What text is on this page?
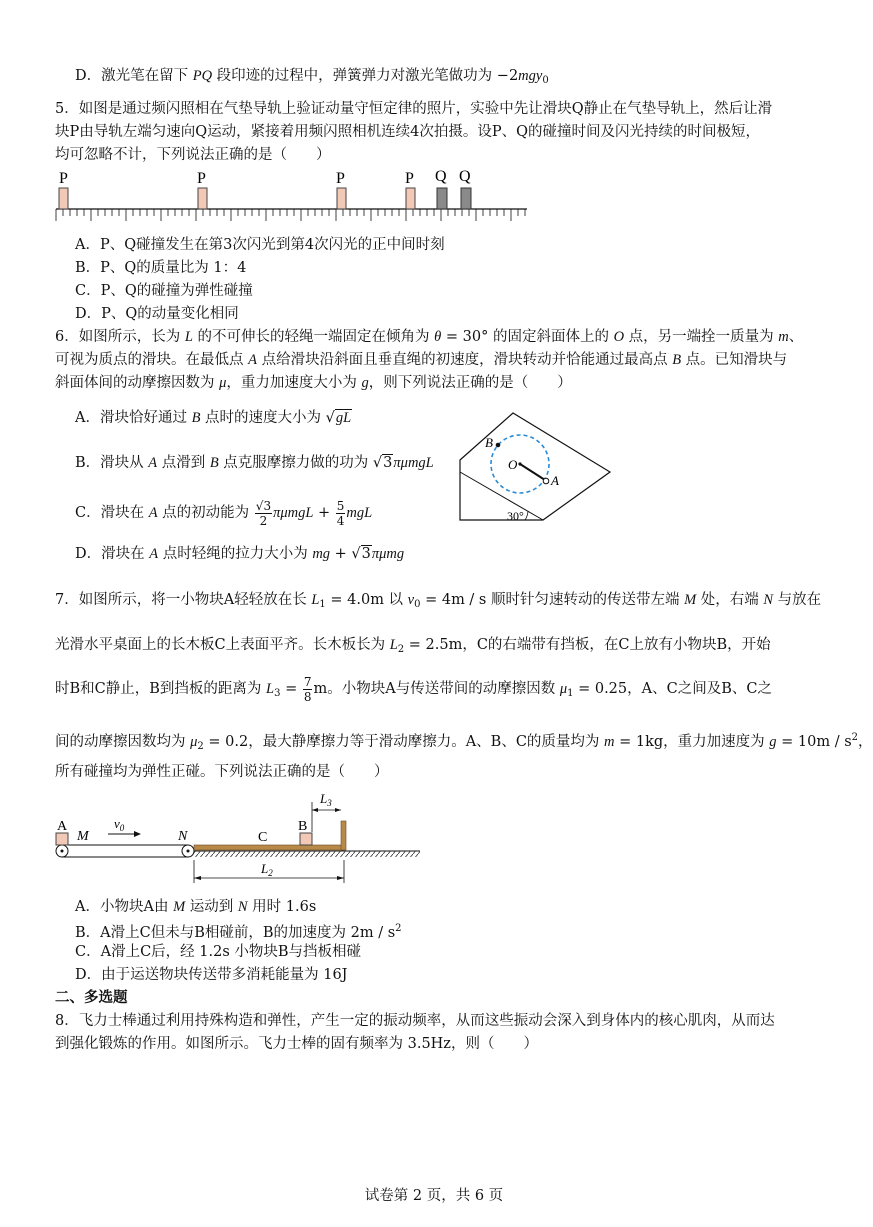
D．激光笔在留下 PQ 段印迹的过程中，弹簧弹力对激光笔做功为 −2mgy$_0$
5．如图是通过频闪照相在气垫导轨上验证动量守恒定律的照片，实验中先让滑块Q静止在气垫导轨上，然后让滑
块P由导轨左端匀速向Q运动，紧接着用频闪照相机连续4次拍摄。设P、Q的碰撞时间及闪光持续的时间极短，
均可忽略不计，下列说法正确的是（　　）
P	P	P	P Q Q
A．P、Q碰撞发生在第3次闪光到第4次闪光的正中间时刻
B．P、Q的质量比为 1：4
C．P、Q的碰撞为弹性碰撞
D．P、Q的动量变化相同
6．如图所示，长为 L 的不可伸长的轻绳一端固定在倾角为 θ = 30° 的固定斜面体上的 O 点，另一端拴一质量为 m、
可视为质点的滑块。在最低点 A 点给滑块沿斜面且垂直绳的初速度，滑块转动并恰能通过最高点 B 点。已知滑块与
斜面体间的动摩擦因数为 μ，重力加速度大小为 g，则下列说法正确的是（　　）
A．滑块恰好通过 B 点时的速度大小为 √gL
B．滑块从 A 点滑到 B 点克服摩擦力做的功为 √3πμmgL
C．滑块在 A 点的初动能为 $\frac{√3}{2}$ $\pi\mu mgL + \frac{5}{4}$ mgL
D．滑块在 A 点时轻绳的拉力大小为 mg + √3πμmg
B
O
A
30°
7．如图所示，将一小物块A轻轻放在长 $L_1 = 4.0m$ 以 $v_0 = 4m / s$ 顺时针匀速转动的传送带左端 M 处，右端 N 与放在
光滑水平桌面上的长木板C上表面平齐。长木板长为 $L_2 = 2.5m$，C的右端带有挡板，在C上放有小物块B，开始
时B和C静止，B到挡板的距离为 $L_3 = \frac{7}{8}$ m。小物块A与传送带间的动摩擦因数 $\mu_1 = 0.25$，A、C之间及B、C之
间的动摩擦因数均为 $\mu_2 = 0.2$，最大静摩擦力等于滑动摩擦力。A、B、C的质量均为 m = 1kg，重力加速度为 $g = 10m / s^2$，
所有碰撞均为弹性正碰。下列说法正确的是（　　）
A
M
$v_0$
N	C
B
$L_3$
$L_2$
A．小物块A由 M 运动到 N 用时 1.6s
B．A滑上C但未与B相碰前，B的加速度为 $2m / s^2$
C．A滑上C后，经 1.2s 小物块B与挡板相碰
D．由于运送物块传送带多消耗能量为 16J
二、多选题
8．飞力士棒通过利用持殊构造和弹性，产生一定的振动频率，从而这些振动会深入到身体内的核心肌肉，从而达
到强化锻炼的作用。如图所示。飞力士棒的固有频率为 3.5Hz，则（　　）
试卷第 2 页，共 6 页
